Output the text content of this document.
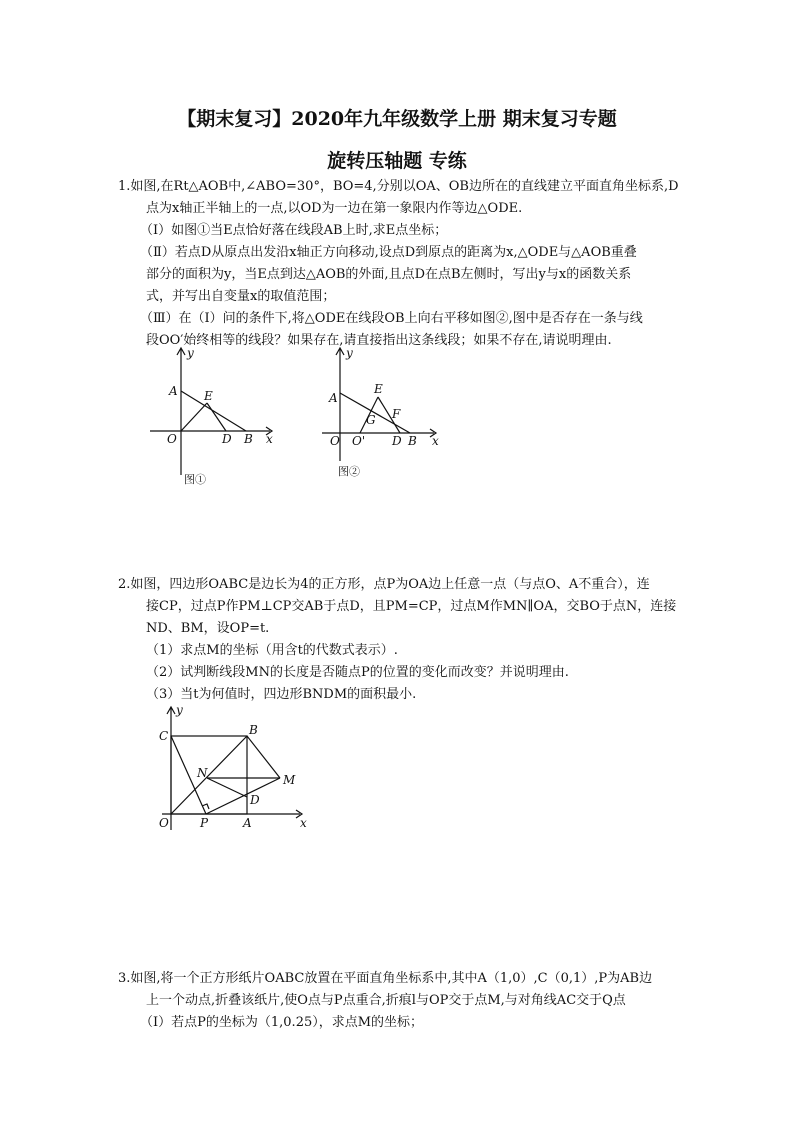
【期末复习】2020年九年级数学上册 期末复习专题
旋转压轴题 专练
1.如图,在Rt△AOB中,∠ABO=30°，BO=4,分别以OA、OB边所在的直线建立平面直角坐标系,D
点为x轴正半轴上的一点,以OD为一边在第一象限内作等边△ODE.
（Ⅰ）如图①当E点恰好落在线段AB上时,求E点坐标；
（Ⅱ）若点D从原点出发沿x轴正方向移动,设点D到原点的距离为x,△ODE与△AOB重叠
部分的面积为y，当E点到达△AOB的外面,且点D在点B左侧时，写出y与x的函数关系
式，并写出自变量x的取值范围；
（Ⅲ）在（Ⅰ）问的条件下,将△ODE在线段OB上向右平移如图②,图中是否存在一条与线
段OO′始终相等的线段？如果存在,请直接指出这条线段；如果不存在,请说明理由.
A E
O	D B x
y
图①
A
E
G F
O O' D B x
y
图②
2.如图，四边形OABC是边长为4的正方形，点P为OA边上任意一点（与点O、A不重合），连
接CP，过点P作PM⊥CP交AB于点D，且PM=CP，过点M作MN∥OA，交BO于点N，连接
ND、BM，设OP=t.
（1）求点M的坐标（用含t的代数式表示）.
（2）试判断线段MN的长度是否随点P的位置的变化而改变？并说明理由.
（3）当t为何值时，四边形BNDM的面积最小.
y
C	B
N	M
D
O	P	A	x
3.如图,将一个正方形纸片OABC放置在平面直角坐标系中,其中A（1,0）,C（0,1）,P为AB边
上一个动点,折叠该纸片,使O点与P点重合,折痕l与OP交于点M,与对角线AC交于Q点
（Ⅰ）若点P的坐标为（1,0.25），求点M的坐标；
